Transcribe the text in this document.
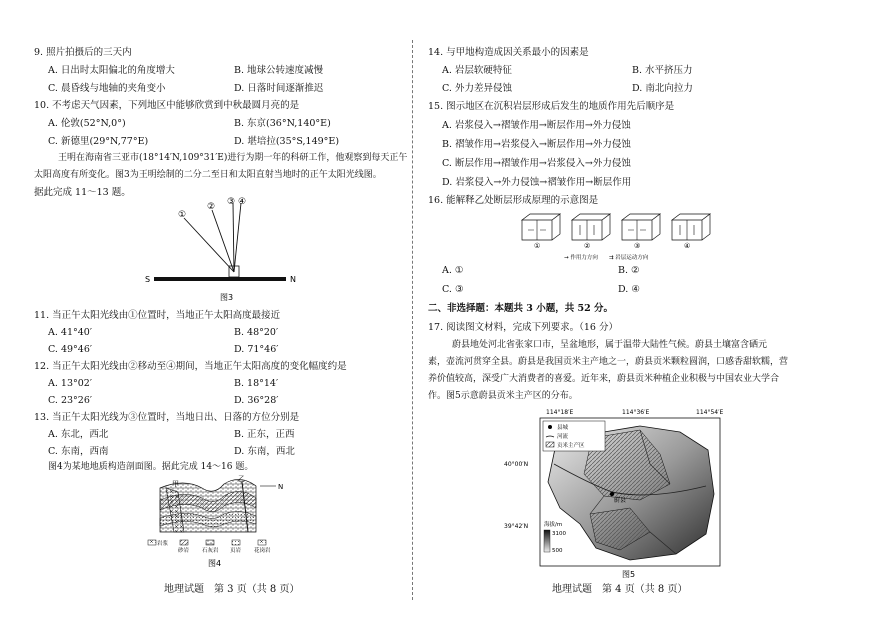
9. 照片拍摄后的三天内
A. 日出时太阳偏北的角度增大	B. 地球公转速度减慢
C. 晨昏线与地轴的夹角变小	D. 日落时间逐渐推迟
10. 不考虑天气因素，下列地区中能够欣赏到中秋最圆月亮的是
A. 伦敦(52°N,0°)	B. 东京(36°N,140°E)
C. 新德里(29°N,77°E)	D. 堪培拉(35°S,149°E)
王明在海南省三亚市(18°14′N,109°31′E)进行为期一年的科研工作，他观察到每天正午
太阳高度有所变化。图3为王明绘制的二分二至日和太阳直射当地时的正午太阳光线图。
据此完成 11～13 题。
①
② ③ ④
S	N
图3
11. 当正午太阳光线由①位置时，当地正午太阳高度最接近
A. 41°40′	B. 48°20′
C. 49°46′	D. 71°46′
12. 当正午太阳光线由②移动至④期间，当地正午太阳高度的变化幅度约是
A. 13°02′	B. 18°14′
C. 23°26′	D. 36°28′
13. 当正午太阳光线为③位置时，当地日出、日落的方位分别是
A. 东北，西北	B. 正东，正西
C. 东南，西南	D. 东南，西北
图4为某地地质构造剖面图。据此完成 14～16 题。
甲
乙
N
岩浆
砂岩 石灰岩 页岩 花岗岩
图4
地理试题　第 3 页（共 8 页）
14. 与甲地构造成因关系最小的因素是
A. 岩层软硬特征	B. 水平挤压力
C. 外力差异侵蚀	D. 南北向拉力
15. 图示地区在沉积岩层形成后发生的地质作用先后顺序是
A. 岩浆侵入→褶皱作用→断层作用→外力侵蚀
B. 褶皱作用→岩浆侵入→断层作用→外力侵蚀
C. 断层作用→褶皱作用→岩浆侵入→外力侵蚀
D. 岩浆侵入→外力侵蚀→褶皱作用→断层作用
16. 能解释乙处断层形成原理的示意图是
①	②	③	④
→ 作用力方向　　⇉ 岩层运动方向
A. ①	B. ②
C. ③	D. ④
二、非选择题：本题共 3 小题，共 52 分。
17. 阅读图文材料，完成下列要求。（16 分）
蔚县地处河北省张家口市，呈盆地形，属于温带大陆性气候。蔚县土壤富含硒元
素，壶流河贯穿全县。蔚县是我国贡米主产地之一，蔚县贡米颗粒圆润，口感香甜软糯，营
养价值较高，深受广大消费者的喜爱。近年来，蔚县贡米种植企业积极与中国农业大学合
作。图5示意蔚县贡米主产区的分布。
114°18′E	114°36′E	114°54′E
蔚县
县城
河流
贡米主产区
40°00′N
39°42′N	海拔/m
3100
500
图5
地理试题　第 4 页（共 8 页）
